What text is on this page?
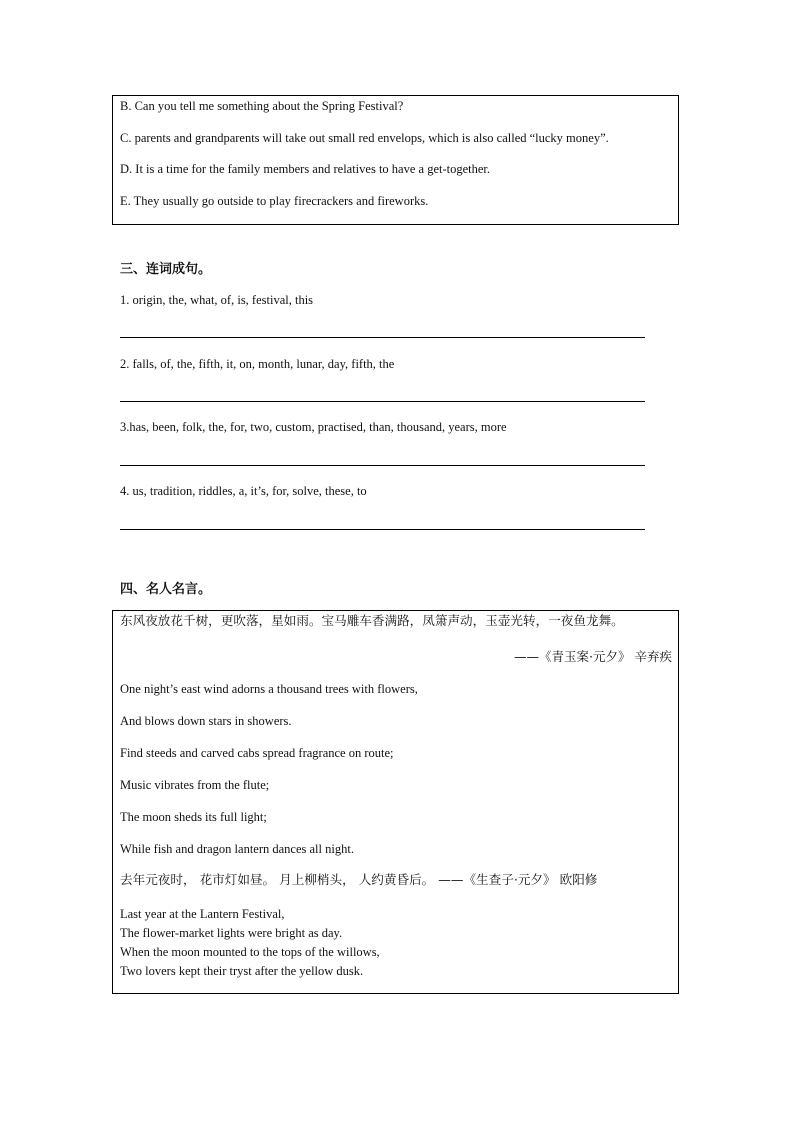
B. Can you tell me something about the Spring Festival?
C. parents and grandparents will take out small red envelops, which is also called “lucky money”.
D. It is a time for the family members and relatives to have a get-together.
E. They usually go outside to play firecrackers and fireworks.
三、连词成句。
1. origin, the, what, of, is, festival, this
2. falls, of, the, fifth, it, on, month, lunar, day, fifth, the
3.has, been, folk, the, for, two, custom, practised, than, thousand, years, more
4. us, tradition, riddles, a, it’s, for, solve, these, to
四、名人名言。
东风夜放花千树，更吹落，星如雨。宝马雕车香满路，凤箫声动，玉壶光转，一夜鱼龙舞。
——《青玉案·元夕》 辛弃疾
One night’s east wind adorns a thousand trees with flowers,
And blows down stars in showers.
Find steeds and carved cabs spread fragrance on route;
Music vibrates from the flute;
The moon sheds its full light;
While fish and dragon lantern dances all night.
去年元夜时， 花市灯如昼。 月上柳梢头， 人约黄昏后。 ——《生查子·元夕》 欧阳修
Last year at the Lantern Festival,
The flower-market lights were bright as day.
When the moon mounted to the tops of the willows,
Two lovers kept their tryst after the yellow dusk.
